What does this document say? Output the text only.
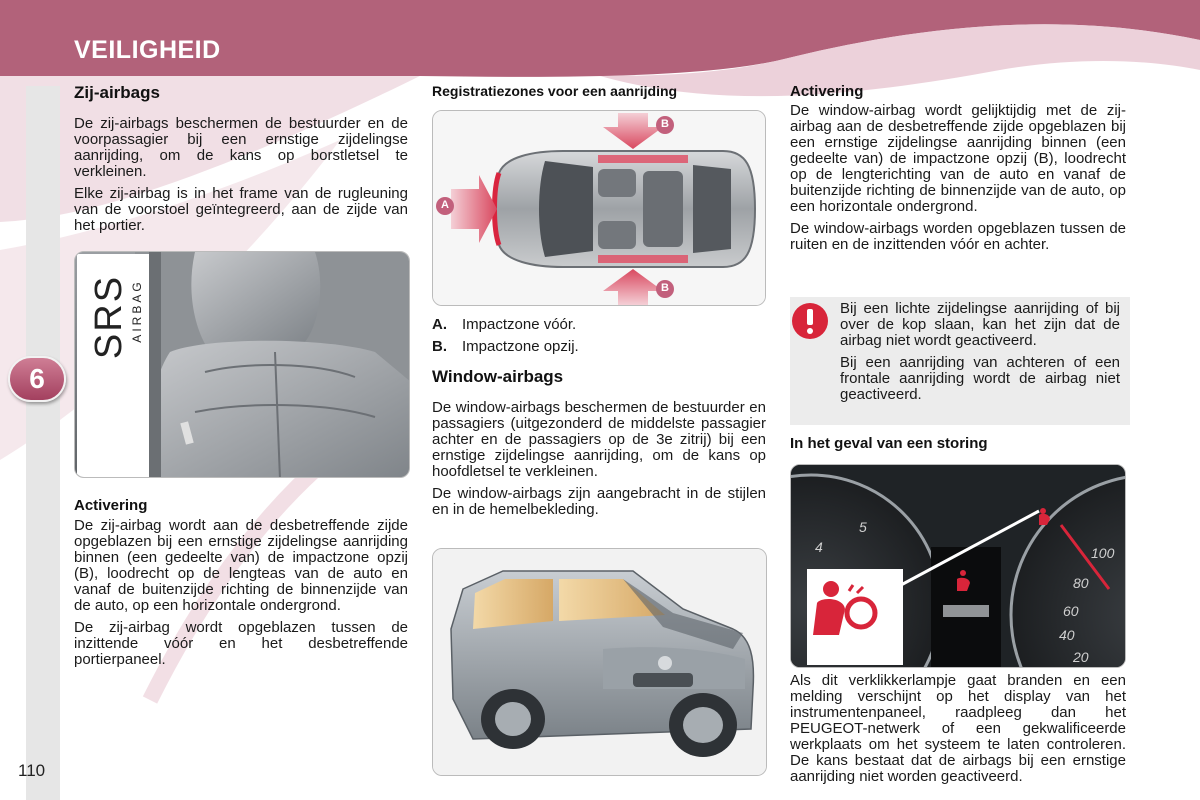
6
VEILIGHEID
Zij-airbags

De zij-airbags beschermen de bestuurder en de voorpassagier bij een ernstige zijdelingse aanrijding, om de kans op borstletsel te verkleinen.

Elke zij-airbag is in het frame van de rugleuning van de voorstoel geïntegreerd, aan de zijde van het portier.

SRS AIRBAG
Activering

De zij-airbag wordt aan de desbetreffende zijde opgeblazen bij een ernstige zijdelingse aanrijding binnen (een gedeelte van) de impactzone opzij (B), loodrecht op de lengteas van de auto en vanaf de buitenzijde richting de binnenzijde van de auto, op een horizontale ondergrond.

De zij-airbag wordt opgeblazen tussen de inzittende vóór en het desbetreffende portierpaneel.

Registratiezones voor een aanrijding
B
B
A
A. Impactzone vóór.
B. Impactzone opzij.
Window-airbags

De window-airbags beschermen de bestuurder en passagiers (uitgezonderd de middelste passagier achter en de passagiers op de 3e zitrij) bij een ernstige zijdelingse aanrijding, om de kans op hoofdletsel te verkleinen.

De window-airbags zijn aangebracht in de stijlen en in de hemelbekleding.

Activering

De window-airbag wordt gelijktijdig met de zij-airbag aan de desbetreffende zijde opgeblazen bij een ernstige zijdelingse aanrijding binnen (een gedeelte van) de impactzone opzij (B), loodrecht op de lengterichting van de auto en vanaf de buitenzijde richting de binnenzijde van de auto, op een horizontale ondergrond.

De window-airbags worden opgeblazen tussen de ruiten en de inzittenden vóór en achter.

Bij een lichte zijdelingse aanrijding of bij over de kop slaan, kan het zijn dat de airbag niet wordt geactiveerd.

Bij een aanrijding van achteren of een frontale aanrijding wordt de airbag niet geactiveerd.

In het geval van een storing
4
5
100
80
60
40
20

Als dit verklikkerlampje gaat branden en een melding verschijnt op het display van het instrumentenpaneel, raadpleeg dan het PEUGEOT-netwerk of een gekwalificeerde werkplaats om het systeem te laten controleren. De kans bestaat dat de airbags bij een ernstige aanrijding niet worden geactiveerd.

110
